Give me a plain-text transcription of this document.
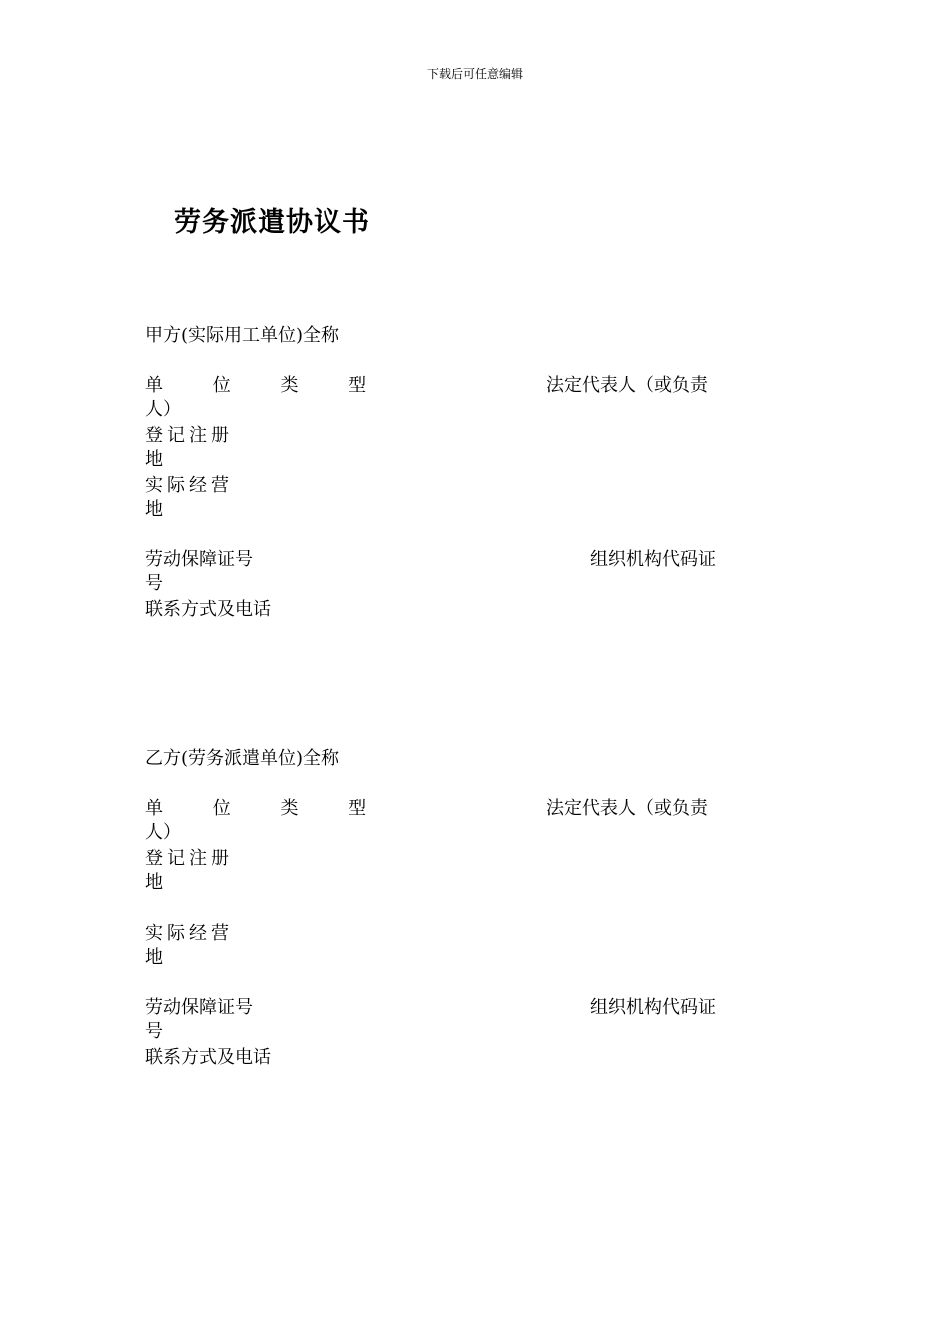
下载后可任意编辑
劳务派遣协议书
甲方(实际用工单位)全称
单 位 类 型	法定代表人（或负责
人）
登记注册
地
实际经营
地
劳动保障证号	组织机构代码证
号
联系方式及电话
乙方(劳务派遣单位)全称
单 位 类 型	法定代表人（或负责
人）
登记注册
地
实际经营
地
劳动保障证号	组织机构代码证
号
联系方式及电话
